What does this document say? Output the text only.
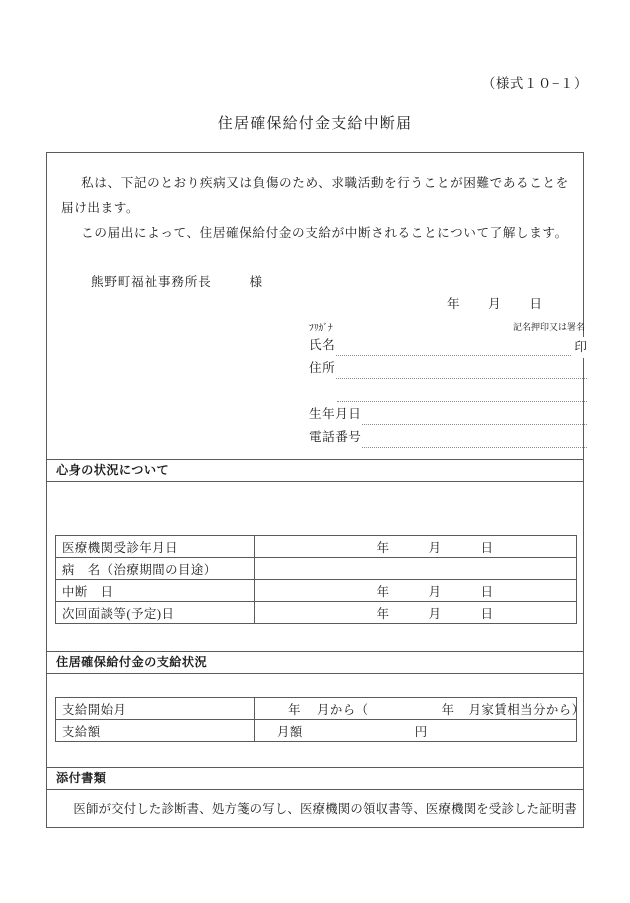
（様式１０−１）
住居確保給付金支給中断届

私は、下記のとおり疾病又は負傷のため、求職活動を行うことが困難であることを届け出ます。

この届出によって、住居確保給付金の支給が中断されることについて了解します。

熊野町福祉事務所長	様
年 月 日
ﾌﾘｶﾞﾅ	記名押印又は署名
氏名	印
住所
生年月日
電話番号
心身の状況について
医療機関受診年月日	年 月 日
病　名（治療期間の目途）	
中断　日	年 月 日
次回面談等(予定)日	年 月 日
住居確保給付金の支給状況
支給開始月	年 月から（ 年 月家賃相当分から）
支給額	月額 円
添付書類
医師が交付した診断書、処方箋の写し、医療機関の領収書等、医療機関を受診した証明書
